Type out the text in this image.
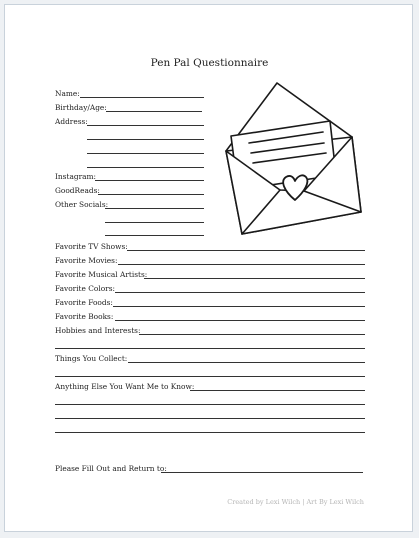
Pen Pal Questionnaire
Name:
Birthday/Age:
Address:
Instagram:
GoodReads:
Other Socials:
Favorite TV Shows:
Favorite Movies:
Favorite Musical Artists:
Favorite Colors:
Favorite Foods:
Favorite Books:
Hobbies and Interests:
Things You Collect:
Anything Else You Want Me to Know:
Please Fill Out and Return to:
Created by Lexi Wilch | Art By Lexi Wilch
